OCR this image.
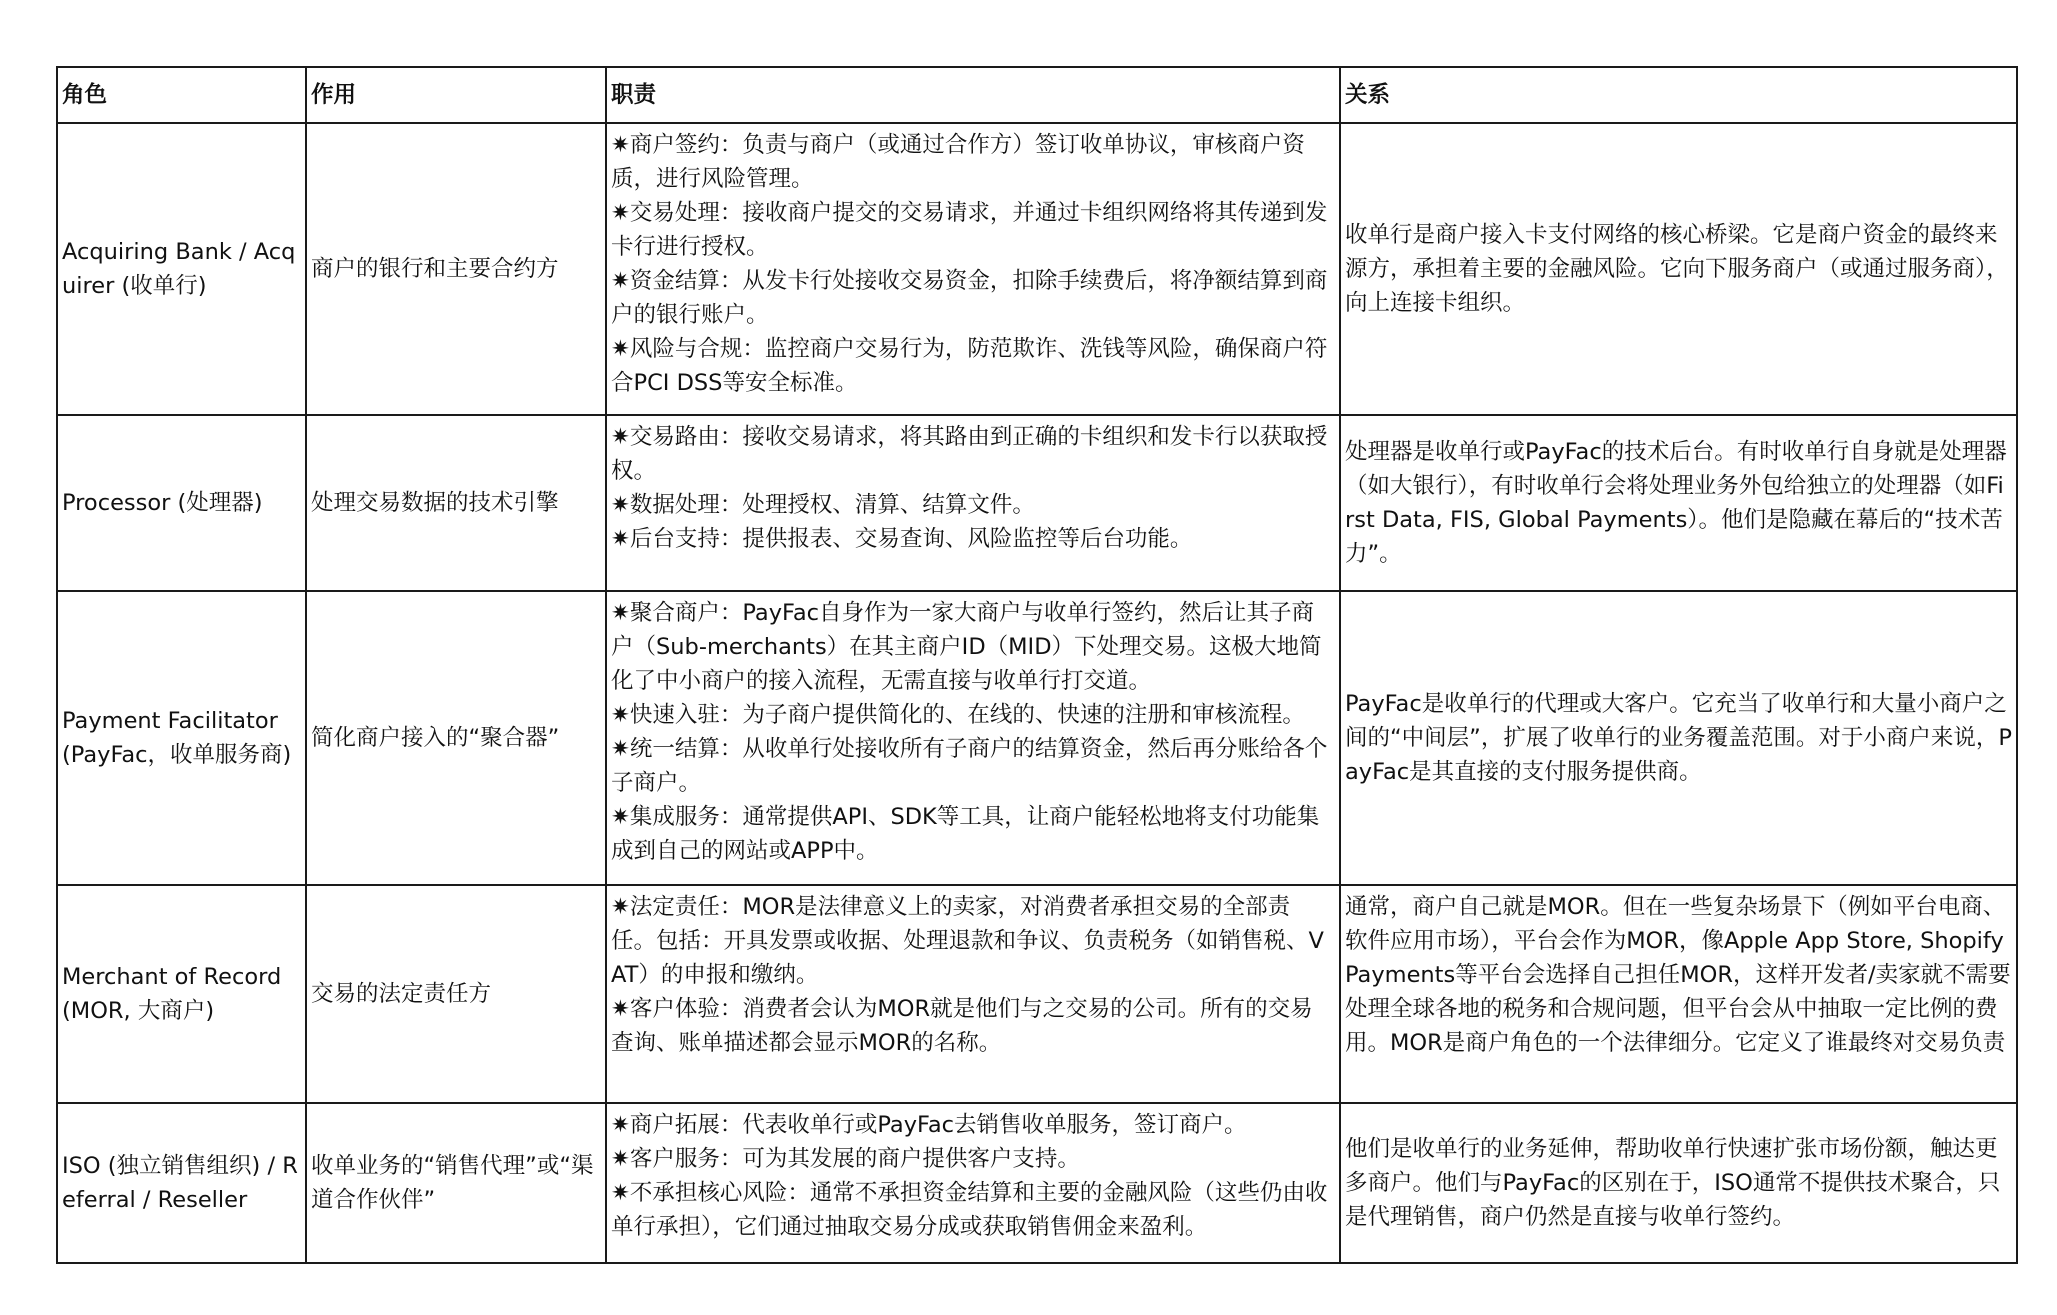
角色	作用	职责	关系

Acquiring Bank / Acquirer (收单行)	商户的银行和主要合约方	✷商户签约：负责与商户（或通过合作方）签订收单协议，审核商户资质，进行风险管理。
✷交易处理：接收商户提交的交易请求，并通过卡组织网络将其传递到发卡行进行授权。
✷资金结算：从发卡行处接收交易资金，扣除手续费后，将净额结算到商户的银行账户。
✷风险与合规：监控商户交易行为，防范欺诈、洗钱等风险，确保商户符合PCI DSS等安全标准。	收单行是商户接入卡支付网络的核心桥梁。它是商户资金的最终来源方，承担着主要的金融风险。它向下服务商户（或通过服务商），向上连接卡组织。

Processor (处理器)	处理交易数据的技术引擎	✷交易路由：接收交易请求，将其路由到正确的卡组织和发卡行以获取授权。
✷数据处理：处理授权、清算、结算文件。
✷后台支持：提供报表、交易查询、风险监控等后台功能。	处理器是收单行或PayFac的技术后台。有时收单行自身就是处理器（如大银行），有时收单行会将处理业务外包给独立的处理器（如First Data, FIS, Global Payments）。他们是隐藏在幕后的“技术苦力”。

Payment Facilitator (PayFac，收单服务商)	简化商户接入的“聚合器”	✷聚合商户：PayFac自身作为一家大商户与收单行签约，然后让其子商户（Sub-merchants）在其主商户ID（MID）下处理交易。这极大地简化了中小商户的接入流程，无需直接与收单行打交道。
✷快速入驻：为子商户提供简化的、在线的、快速的注册和审核流程。
✷统一结算：从收单行处接收所有子商户的结算资金，然后再分账给各个子商户。
✷集成服务：通常提供API、SDK等工具，让商户能轻松地将支付功能集成到自己的网站或APP中。	PayFac是收单行的代理或大客户。它充当了收单行和大量小商户之间的“中间层”，扩展了收单行的业务覆盖范围。对于小商户来说，PayFac是其直接的支付服务提供商。

Merchant of Record (MOR, 大商户)	交易的法定责任方	✷法定责任：MOR是法律意义上的卖家，对消费者承担交易的全部责任。包括：开具发票或收据、处理退款和争议、负责税务（如销售税、VAT）的申报和缴纳。
✷客户体验：消费者会认为MOR就是他们与之交易的公司。所有的交易查询、账单描述都会显示MOR的名称。	通常，商户自己就是MOR。但在一些复杂场景下（例如平台电商、软件应用市场），平台会作为MOR，像Apple App Store, Shopify Payments等平台会选择自己担任MOR，这样开发者/卖家就不需要处理全球各地的税务和合规问题，但平台会从中抽取一定比例的费用。MOR是商户角色的一个法律细分。它定义了谁最终对交易负责

ISO (独立销售组织) / Referral / Reseller	收单业务的“销售代理”或“渠道合作伙伴”	✷商户拓展：代表收单行或PayFac去销售收单服务，签订商户。
✷客户服务：可为其发展的商户提供客户支持。
✷不承担核心风险：通常不承担资金结算和主要的金融风险（这些仍由收单行承担），它们通过抽取交易分成或获取销售佣金来盈利。	他们是收单行的业务延伸，帮助收单行快速扩张市场份额，触达更多商户。他们与PayFac的区别在于，ISO通常不提供技术聚合，只是代理销售，商户仍然是直接与收单行签约。
